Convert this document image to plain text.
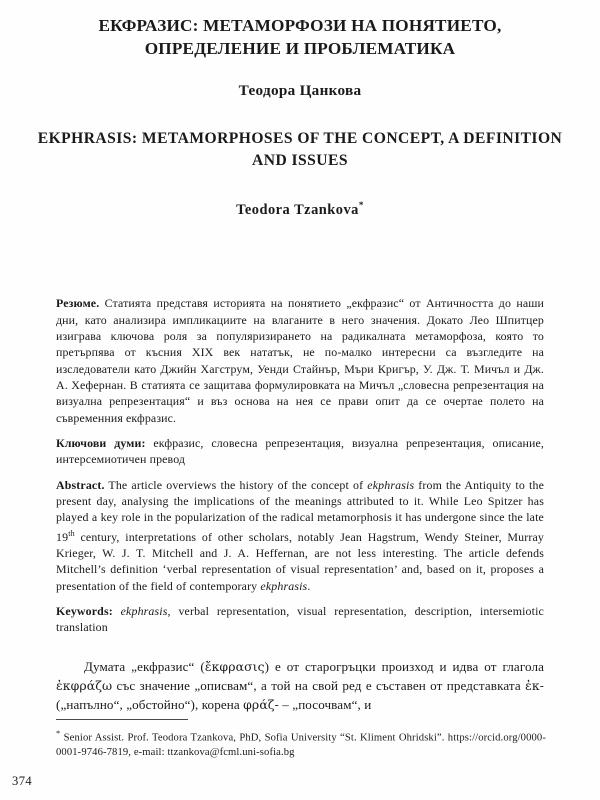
ЕКФРАЗИС: МЕТАМОРФОЗИ НА ПОНЯТИЕТО, ОПРЕДЕЛЕНИЕ И ПРОБЛЕМАТИКА
Теодора Цанкова
EKPHRASIS: METAMORPHOSES OF THE CONCEPT, A DEFINITION AND ISSUES
Teodora Tzankova*

Резюме. Статията представя историята на понятието „екфразис“ от Античността до наши дни, като анализира импликациите на влаганите в него значения. Докато Лео Шпитцер изиграва ключова роля за популяризирането на радикалната метаморфоза, която то претърпява от късния XIX век нататък, не по-малко интересни са възгледите на изследователи като Джийн Хагструм, Уенди Стайнър, Мъри Кригър, У. Дж. Т. Мичъл и Дж. А. Хефернан. В статията се защитава формулировката на Мичъл „словесна репрезентация на визуална репрезентация“ и въз основа на нея се прави опит да се очертае полето на съвременния екфразис.

Ключови думи: екфразис, словесна репрезентация, визуална репрезентация, описание, интерсемиотичен превод

Abstract. The article overviews the history of the concept of ekphrasis from the Antiquity to the present day, analysing the implications of the meanings attributed to it. While Leo Spitzer has played a key role in the popularization of the radical metamorphosis it has undergone since the late 19th century, interpretations of other scholars, notably Jean Hagstrum, Wendy Steiner, Murray Krieger, W. J. T. Mitchell and J. A. Heffernan, are not less interesting. The article defends Mitchell’s definition ‘verbal representation of visual representation’ and, based on it, proposes a presentation of the field of contemporary ekphrasis.

Keywords: ekphrasis, verbal representation, visual representation, description, intersemiotic translation

Думата „екфразис“ (ἔκφρασις) е от старогръцки произход и идва от глагола ἐκφράζω със значение „описвам“, а той на свой ред е съставен от представката ἐκ- („напълно“, „обстойно“), корена φράζ- – „посочвам“, и

* Senior Assist. Prof. Teodora Tzankova, PhD, Sofia University “St. Kliment Ohridski”. https://orcid.org/0000-0001-9746-7819, e-mail: ttzankova@fcml.uni-sofia.bg

374
